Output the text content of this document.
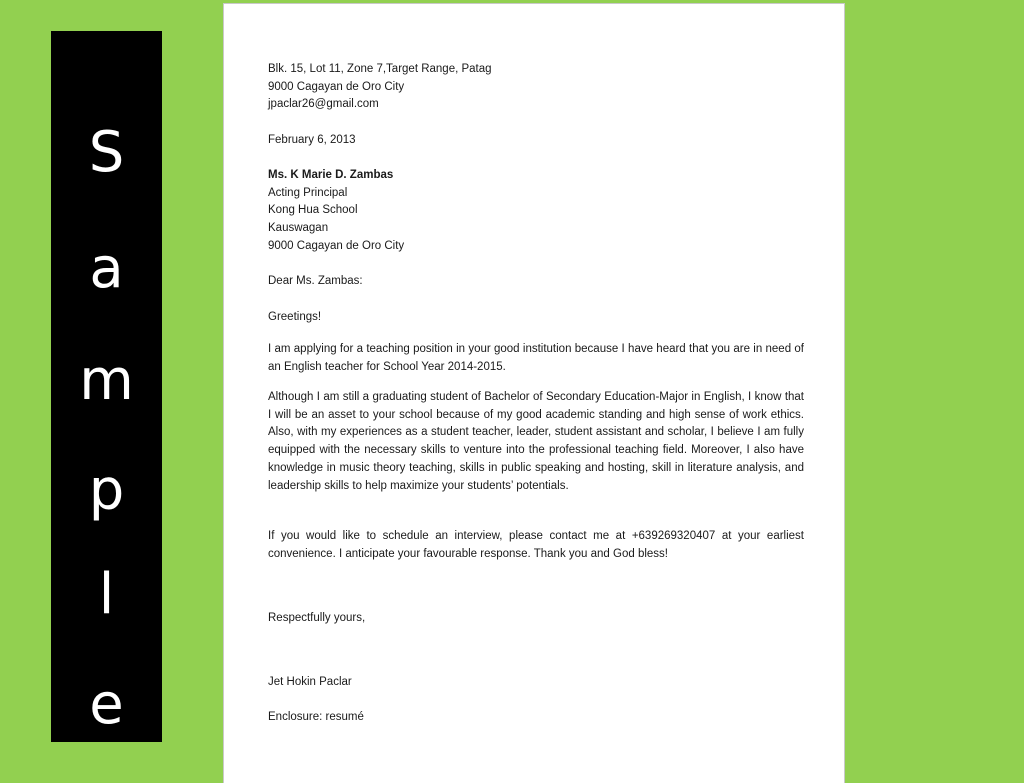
S
a
m
p
l
e
Blk. 15, Lot 11, Zone 7,Target Range, Patag
9000 Cagayan de Oro City
jpaclar26@gmail.com
February 6, 2013
Ms. K Marie D. Zambas
Acting Principal
Kong Hua School
Kauswagan
9000 Cagayan de Oro City
Dear Ms. Zambas:
Greetings!
I am applying for a teaching position in your good institution because I have heard that you are in need of an English teacher for School Year 2014-2015.
Although I am still a graduating student of Bachelor of Secondary Education-Major in English, I know that I will be an asset to your school because of my good academic standing and high sense of work ethics. Also, with my experiences as a student teacher, leader, student assistant and scholar, I believe I am fully equipped with the necessary skills to venture into the professional teaching field. Moreover, I also have knowledge in music theory teaching, skills in public speaking and hosting, skill in literature analysis, and leadership skills to help maximize your students’ potentials.
If you would like to schedule an interview, please contact me at +639269320407 at your earliest convenience. I anticipate your favourable response. Thank you and God bless!
Respectfully yours,
Jet Hokin Paclar
Enclosure: resumé
